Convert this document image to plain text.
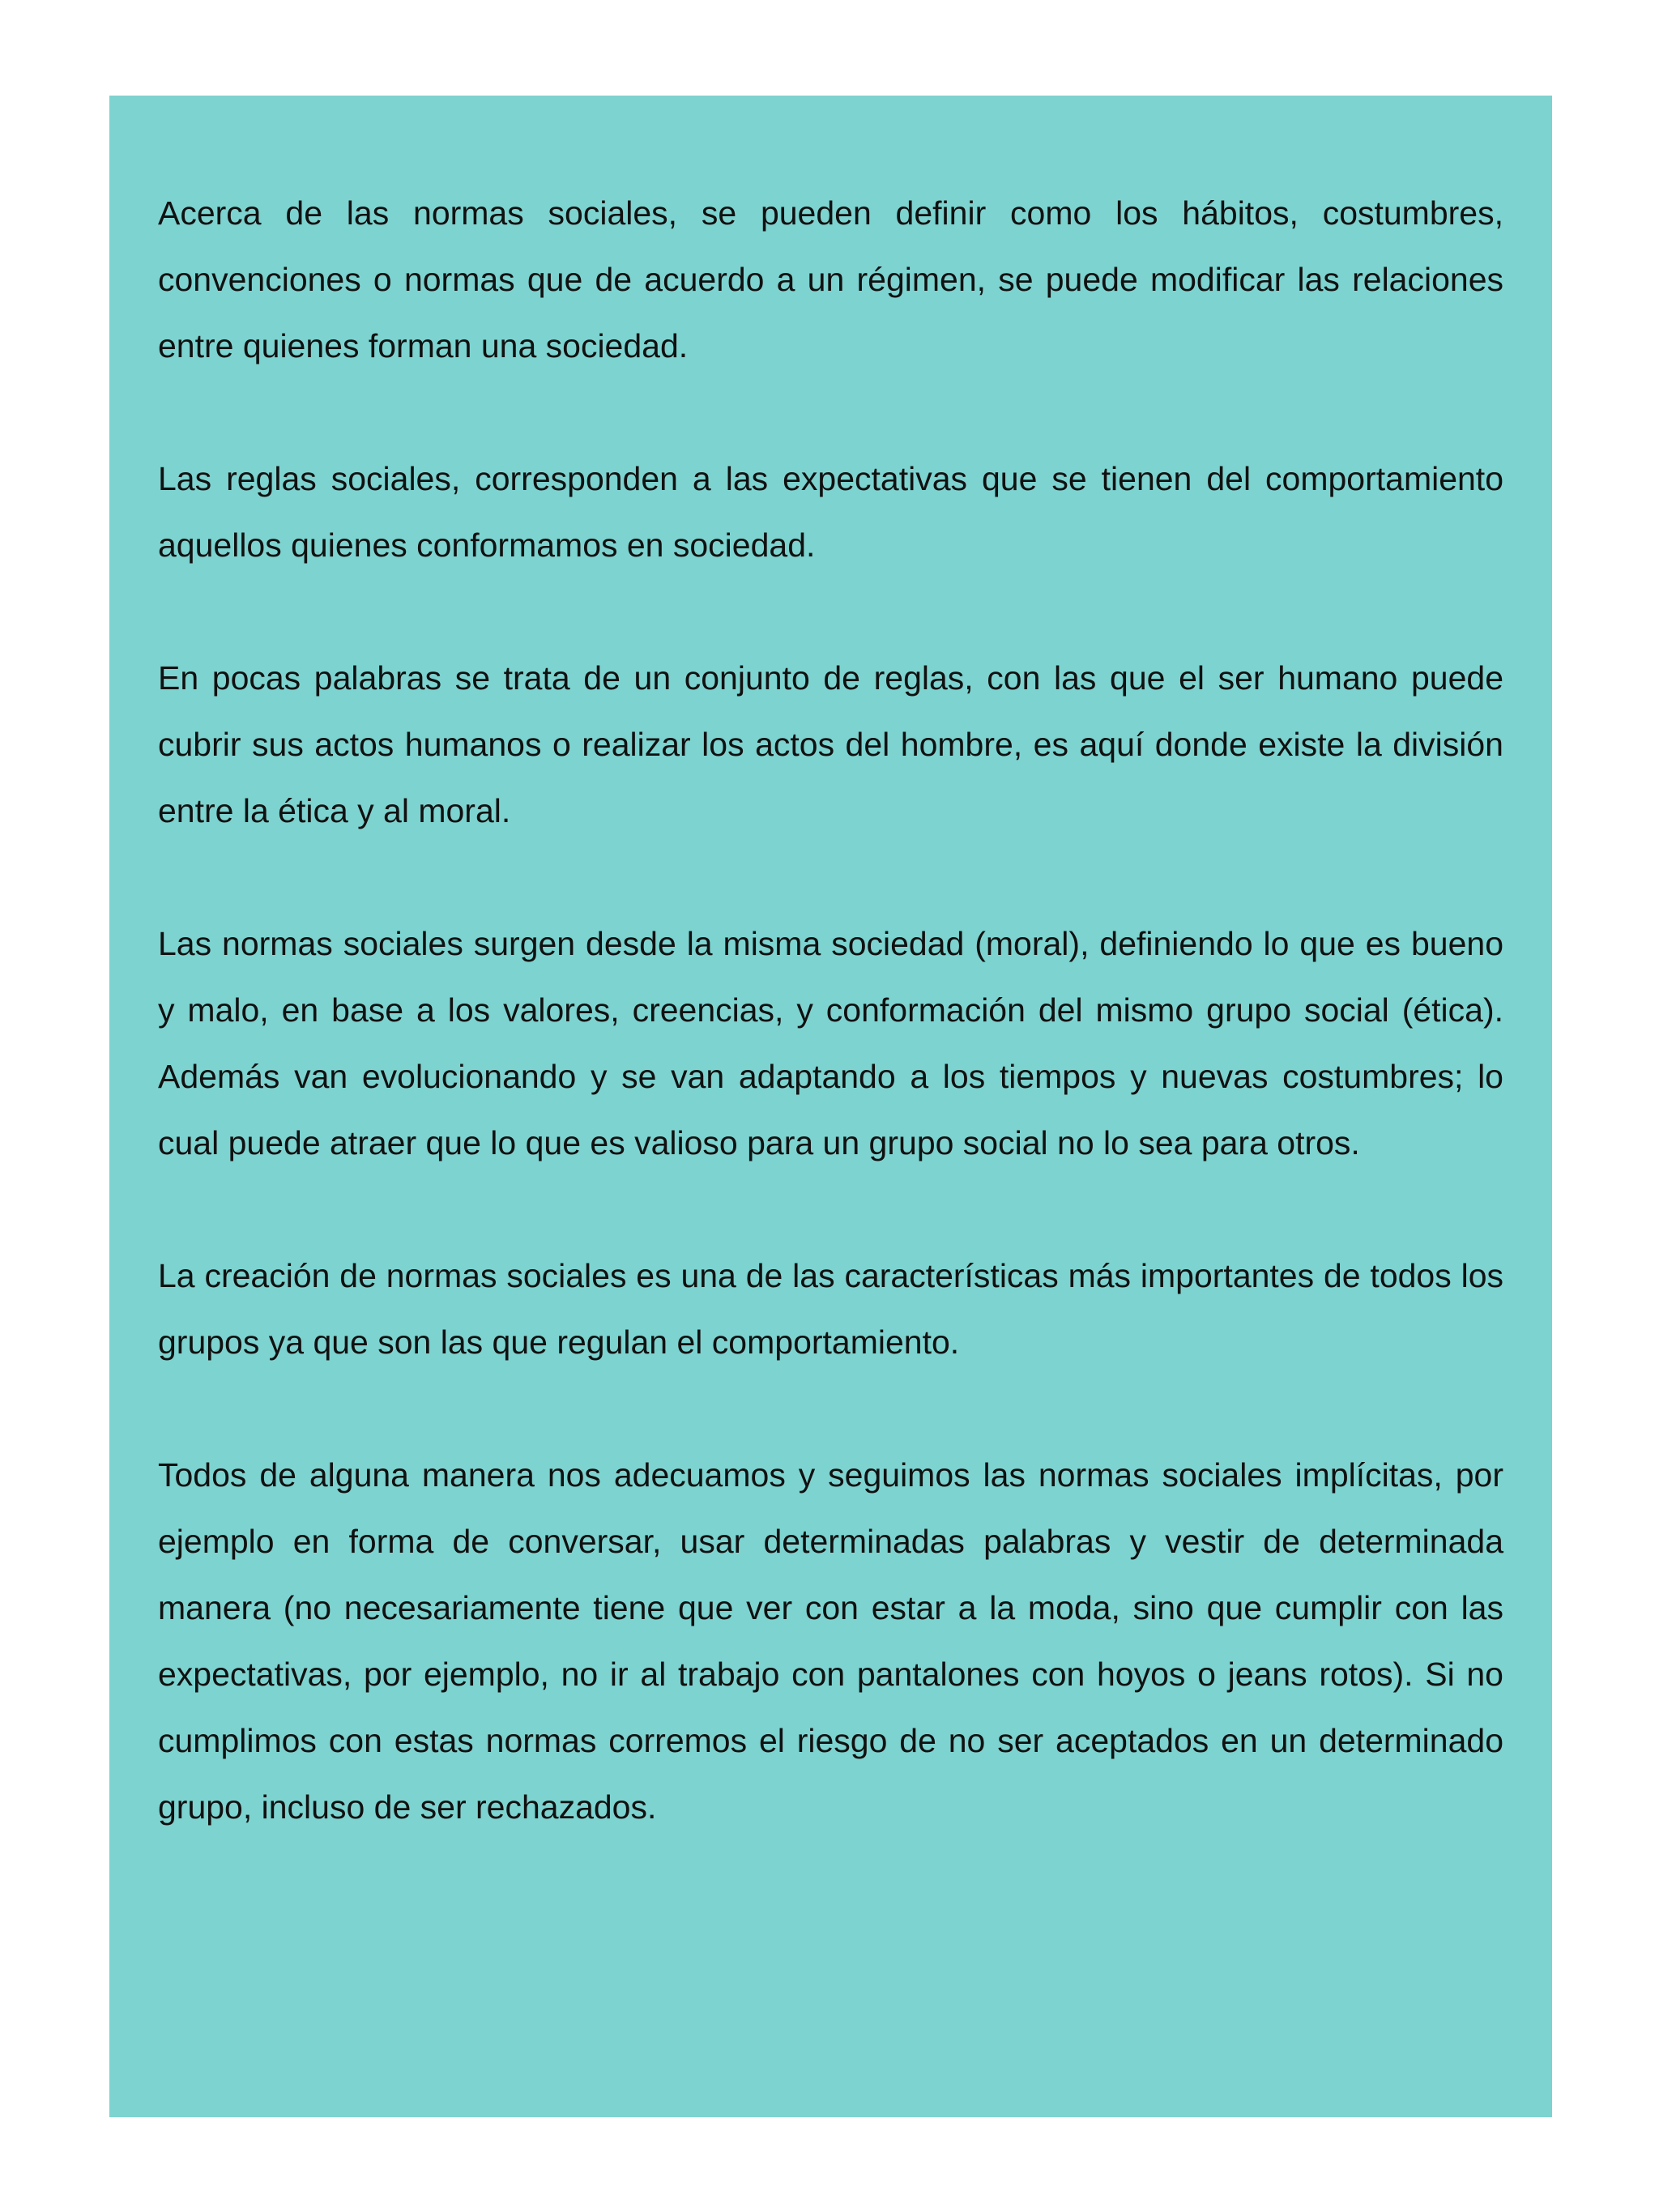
Acerca de las normas sociales, se pueden definir como los hábitos, costumbres, convenciones o normas que de acuerdo a un régimen, se puede modificar las relaciones entre quienes forman una sociedad.

Las reglas sociales, corresponden a las expectativas que se tienen del comportamiento aquellos quienes conformamos en sociedad.

En pocas palabras se trata de un conjunto de reglas, con las que el ser humano puede cubrir sus actos humanos o realizar los actos del hombre, es aquí donde existe la división entre la ética y al moral.

Las normas sociales surgen desde la misma sociedad (moral), definiendo lo que es bueno y malo, en base a los valores, creencias, y conformación del mismo grupo social (ética). Además van evolucionando y se van adaptando a los tiempos y nuevas costumbres; lo cual puede atraer que lo que es valioso para un grupo social no lo sea para otros.

La creación de normas sociales es una de las características más importantes de todos los grupos ya que son las que regulan el comportamiento.

Todos de alguna manera nos adecuamos y seguimos las normas sociales implícitas, por ejemplo en forma de conversar, usar determinadas palabras y vestir de determinada manera (no necesariamente tiene que ver con estar a la moda, sino que cumplir con las expectativas, por ejemplo, no ir al trabajo con pantalones con hoyos o jeans rotos). Si no cumplimos con estas normas corremos el riesgo de no ser aceptados en un determinado grupo, incluso de ser rechazados.
